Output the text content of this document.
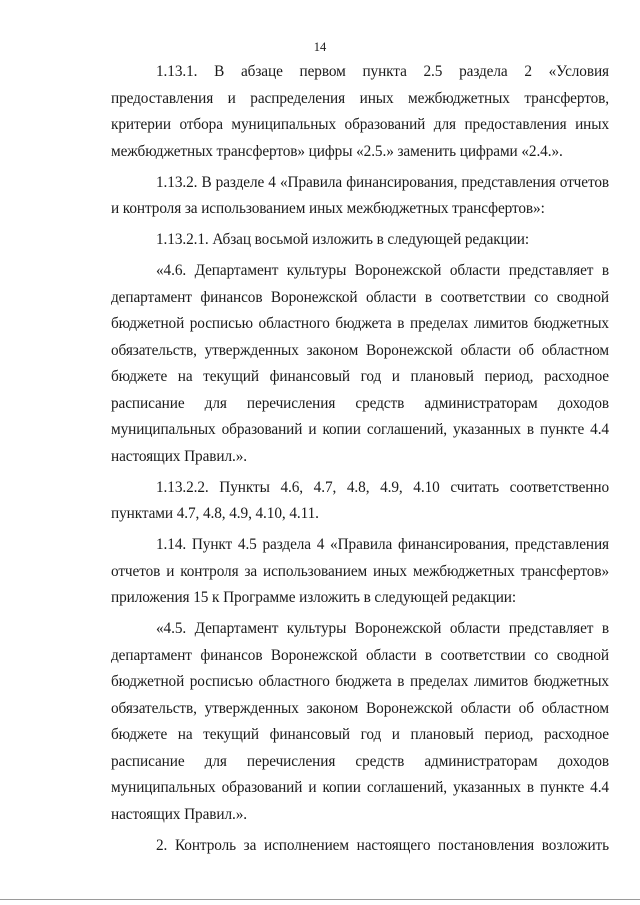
14

1.13.1. В абзаце первом пункта 2.5 раздела 2 «Условия предоставления и распределения иных межбюджетных трансфертов, критерии отбора муниципальных образований для предоставления иных межбюджетных трансфертов» цифры «2.5.» заменить цифрами «2.4.».

1.13.2. В разделе 4 «Правила финансирования, представления отчетов и контроля за использованием иных межбюджетных трансфертов»:

1.13.2.1. Абзац восьмой изложить в следующей редакции:

«4.6. Департамент культуры Воронежской области представляет в департамент финансов Воронежской области в соответствии со сводной бюджетной росписью областного бюджета в пределах лимитов бюджетных обязательств, утвержденных законом Воронежской области об областном бюджете на текущий финансовый год и плановый период, расходное расписание для перечисления средств администраторам доходов муниципальных образований и копии соглашений, указанных в пункте 4.4 настоящих Правил.».

1.13.2.2. Пункты 4.6, 4.7, 4.8, 4.9, 4.10 считать соответственно пунктами 4.7, 4.8, 4.9, 4.10, 4.11.

1.14. Пункт 4.5 раздела 4 «Правила финансирования, представления отчетов и контроля за использованием иных межбюджетных трансфертов» приложения 15 к Программе изложить в следующей редакции:

«4.5. Департамент культуры Воронежской области представляет в департамент финансов Воронежской области в соответствии со сводной бюджетной росписью областного бюджета в пределах лимитов бюджетных обязательств, утвержденных законом Воронежской области об областном бюджете на текущий финансовый год и плановый период, расходное расписание для перечисления средств администраторам доходов муниципальных образований и копии соглашений, указанных в пункте 4.4 настоящих Правил.».

2. Контроль за исполнением настоящего постановления возложить
